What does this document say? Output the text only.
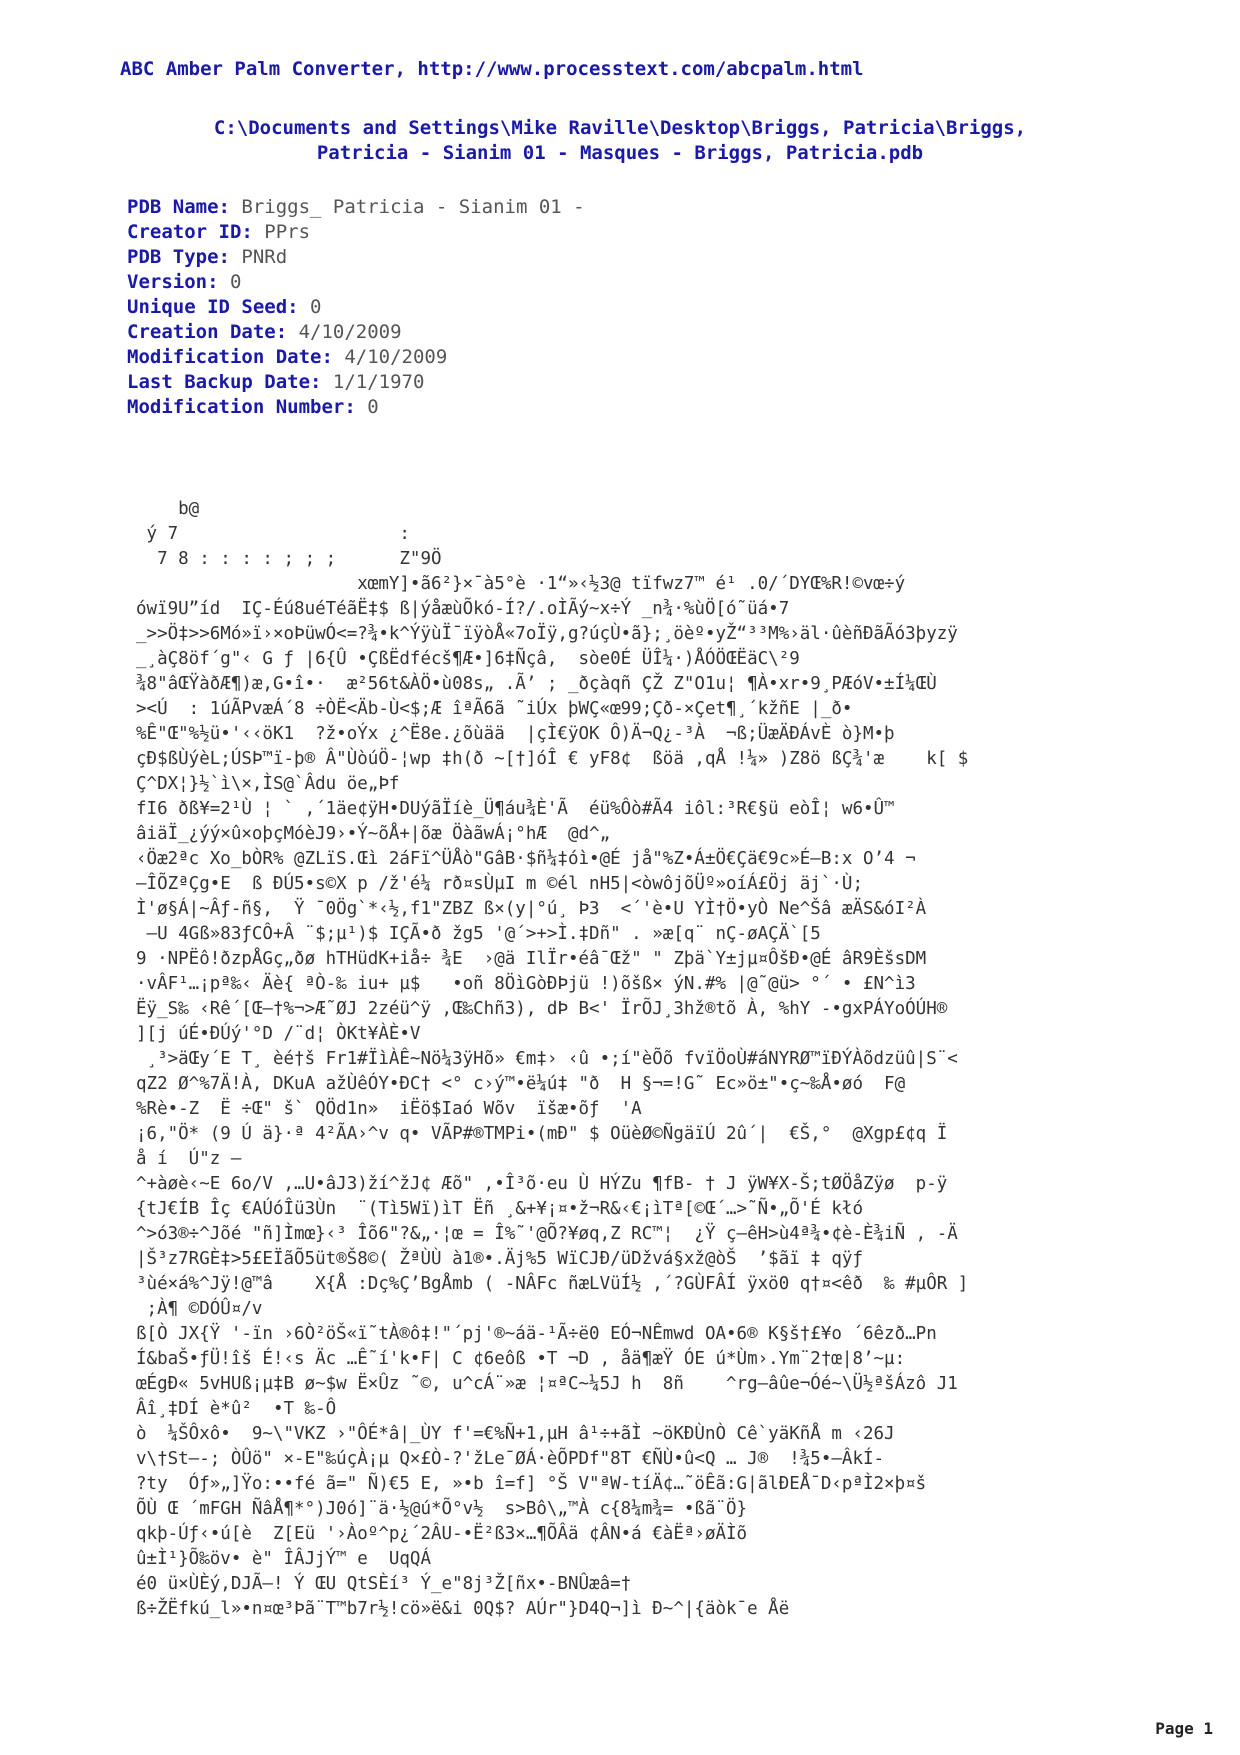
ABC Amber Palm Converter, http://www.processtext.com/abcpalm.html
C:\Documents and Settings\Mike Raville\Desktop\Briggs, Patricia\Briggs,
Patricia - Sianim 01 - Masques - Briggs, Patricia.pdb
PDB Name: Briggs_ Patricia - Sianim 01 -
Creator ID: PPrs
PDB Type: PNRd
Version: 0
Unique ID Seed: 0
Creation Date: 4/10/2009
Modification Date: 4/10/2009
Last Backup Date: 1/1/1970
Modification Number: 0
b@
ý 7                     :
7 8 : : : : ; ; ;      Z"9Ö
xœmY]•ã6²}×¯à5°è ·1“»‹½3@ tïfwz7™ é¹ .0/´DYŒ%R!©vœ÷ý
ówï9U”íd  IÇ-Éú8uéTéãË‡$ ß|ýåæùÕkó-Í?/.oÌÃý~x÷Ý _n¾·%ùÖ[ó˜üá•7
_>>Ö‡>>6Mó»ï›×oÞüwÓ<=?¾•k^ÝÿùÏ¯ïÿòÅ«7oÏÿ,g?úçÙ•ã};¸öèº•yŽ“³³M%›äl·ûèñÐãÃó3þyzÿ
_¸àÇ8öf´g"‹ G ƒ |6{Û •ÇßËdfécš¶Æ•]6‡Ñçâ,  sòe0É ÜÎ¼·)ÅÓÖŒËäC\²9
¾8"âŒŸàðÆ¶)æ,G•î•·  æ²56t&ÀÖ•ù08s„ .Ã’ ; _ðçàqñ ÇŽ Z"O1u¦ ¶À•xr•9¸PÆóV•±Í¼ŒÙ
><Ú  : 1úÃPvæÁ´8 ÷ÒË<Äb-Ù<$;Æ îªÃ6ã ˜iÚx þWÇ«œ99;Çð-×Çet¶¸´kžñE |_ð•
%Ê"Œ"%½ü•'‹‹öK1  ?ž•oÝx ¿^Ë8e.¿õùää  |çÌ€ÿOK Ô)Ä¬Q¿-³À  ¬ß;ÜæÄÐÁvÈ ò}M•þ
çÐ$ßÙýèL;ÚSÞ™ï-þ® Â"ÙòúÖ-¦wp ‡h(ð ~[†]óÎ € yF8¢  ßöä ,qÅ !¼» )Z8ö ßÇ¾'æ    k[ $
Ç^DX¦}½`ì\×,ÌS@`Âdu öe„Þf
fI6 ðß¥=2¹Ù ¦ ` ,´1äe¢ÿH•DUýãÏíè_Ü¶áu¾È'Ã  éü%Ôò#Ã4 iôl:³R€§ü eòÎ¦ w6•Û™
âiäÏ_¿ýý×û×oþçMóèJ9›•Ý~õÅ+|õæ ÖàãwÁ¡°hÆ  @d^„
‹Öæ2ªc Xo_bÒR% @ZLïS.Œì 2áFï^ÜÅò"GâB·$ñ¼‡óì•@É jå"%Z•Á±Ö€Çä€9c»É—B:x O’4 ¬
—ÎÕZªÇg•E  ß ÐÚ5•s©X p /ž'é¼ rð¤sÙµI m ©él nH5|<òwôjõÜº»oíÁ£Öj äj`·Ù;
Ì'ø§Á|~Âƒ-ñ§,  Ÿ ¯0Ög`*‹½,f1"ZBZ ß×(y|°ú¸ Þ3  <´'è•U YÌ†Ö•yÒ Ne^Šâ æÄS&óI²À
—U 4Gß»83ƒCÔ+Â ¨$;µ¹)$ IÇÃ•ð žg5 '@´>+>Ì.‡Dñ" . »æ[q¨ nÇ-øAÇÄ`[5
9 ·NPËô!ðzpÅGç„ðø hTHüdK+iå÷ ¾E  ›@ä IlÏr•éâ¯Œž" " Zþä`Y±jµ¤ÔšÐ•@É âR9ÈšsDM
·vÂF¹…¡pª‰‹ Äè{ ªÒ-‰ iu+ µ$   •oñ 8ÖìGòÐÞjü !)õšß× ýN.#% |@˜@ü> °´ • £N^ì3
Ëÿ_S‰ ‹Rê´[Œ—†%¬>Æ˜ØJ 2zéü^ÿ ,Œ‰Chñ3), dÞ B<' ÏrÕJ¸3hž®tõ À, %hY -•gxPÁYoÓÚH®
][j úÉ•ÐÚý'°D /¨d¦ ÒKt¥ÀÈ•V
¸³>äŒy´E T¸ èé†š Fr1#ÏìÀÊ~Nö¼3ÿHõ» €m‡› ‹û •;í"èÕõ fvïÖoÙ#áNYRØ™ïÐÝÀõdzüû|S¨<
qZ2 Ø^%7Ä!À, DKuA ažÙêÓY•ÐC† <° c›ý™•ë¼ú‡ "ð  H §¬=!G˜ Ec»ö±"•ç~‰Å•øó  F@
%Rè•-Z  Ë ÷Œ" š` QÖd1n»  iËö$Iaó Wõv  ïšæ•õƒ  'A
¡6,"Ö* (9 Ú ä}·ª 4²ÃA›^v q• VÃP#®TMPi•(mÐ" $ OüèØ©ÑgäïÚ 2û´|  €Š,°  @Xgp£¢q Ï
å í  Ú"z —
^+àøè‹~E 6o/V ,…U•âJ3)ží^žJ¢ Æõ" ,•Î³õ·eu Ù HÝZu ¶fB- † J ÿW¥X-Š;tØÖåZÿø  p-ÿ
{tJ€ÍB Îç €AÚóÎü3Ùn  ¨(Tì5Wï)ìT Ëñ ¸&+¥¡¤•ž¬R&‹€¡ìTª[©Œ´…>˜Ñ•„Õ'É kłó
^>ó3®÷^Jõé "ñ]Ìmœ}‹³ Îõ6"?&„·¦œ = Î%˜'@Õ?¥øq,Z RC™¦  ¿Ÿ ç—êH>ù4ª¾•¢è-È¾iÑ , -Ä
|Š³z7RGÈ‡>5£EÏãÕ5üt®Š8©( ŽªÙÙ à1®•.Äj%5 WïCJÐ/üDžvá§xž@òŠ  ’$ãï ‡ qÿƒ
³ùé×á%^Jÿ!@™â    X{Å :Dç%Ç’BgÅmb ( -NÂFc ñæLVüÍ½ ,´?GÙFÂÍ ÿxö0 q†¤<êð  ‰ #µÔR ]
;À¶ ©DÓÛ¤/v
ß[Ò JX{Ÿ '-ïn ›6Ò²öŠ«ï˜tÀ®ô‡!"´pj'®~áä-¹Ã÷ë0 EÓ¬NÊmwd OA•6® K§š†£¥o ´6êzð…Pn
Í&baŠ•ƒÜ!îš É!‹s Äc …Ê˜í'k•F| C ¢6eôß •T ¬D , åä¶æŸ ÓE ú*Ùm›.Ym¨2†œ|8’~µ:
œÉgÐ« 5vHUß¡µ‡B ø~$w Ë×Ûz ˜©, u^cÁ¨»æ ¦¤ªC~¼5J h  8ñ    ^rg—âûe¬Óé~\Ü½ªšÁzô J1
Âî¸‡DÍ è*û²  •T ‰-Ô
ò  ¼ŠÔxô•  9~\"VKZ ›"ÔÉ*â|_ÙY f'=€%Ñ+1,µH â¹÷+ãÌ ~öKÐÙnÒ Cê`yäKñÅ m ‹26J
v\†St—-; ÒÛö" ×-E"‰úçÀ¡µ Q×£Ò-?'žLe¯ØÁ·èÕPDf"8T €ÑÙ•û<Q … J®  !¾5•—ÂkÍ-
?ty  Óƒ»„]Ÿo:••fé ã=" Ñ)€5 E, »•b î=f] °Š V"ªW-tíÄ¢…˜öÊã:G|ãlÐEÅ¯D‹pªÌ2×þ¤š
ÕÙ Œ ´mFGH ÑâÅ¶*°)J0ó]¨ä·½@ú*Õ°v½  s>Bô\„™À c{8¼m¾= •ßã¨Ö}
qkþ-Úƒ‹•ú[è  Z[Eü '›Àoº^p¿´2ÂU-•Ë²ß3×…¶ÕÂä ¢ÂN•á €àËª›øÄÌõ
û±Ì¹}Õ‰öv• è" ÎÂJjÝ™ e  UqQÁ
é0 ü×ÙÈý,DJÃ—! Ý ŒU QtSÈí³ Ý_e"8j³Ž[ñx•-BNÛæâ=†
ß÷ŽËfkú_l»•n¤œ³Þã¨T™b7r½!cö»ë&i 0Q$? AÚr"}D4Q¬]ì Ð~^|{äòk¯e Åë
Page 1
